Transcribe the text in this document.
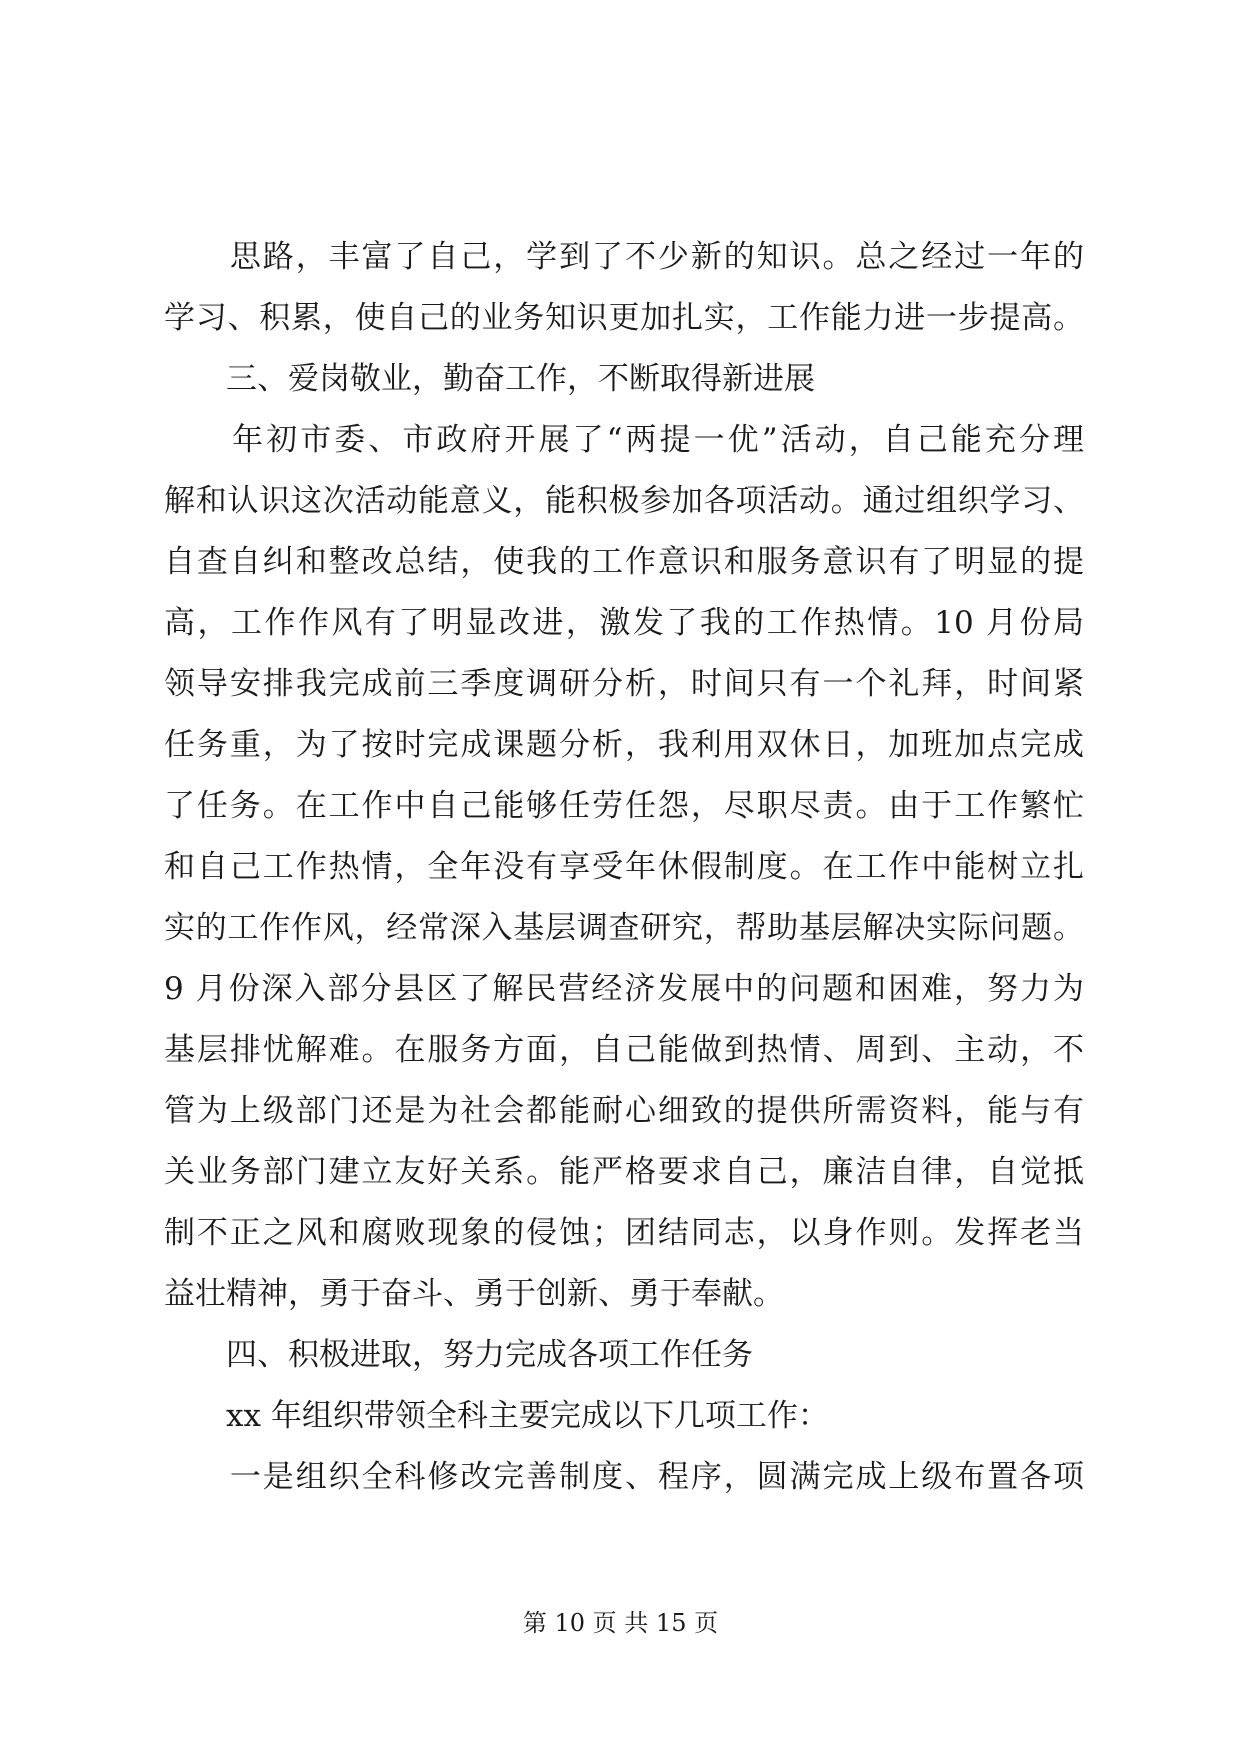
　　思路，丰富了自己，学到了不少新的知识。总之经过一年的
学习、积累，使自己的业务知识更加扎实，工作能力进一步提高。
　　三、爱岗敬业，勤奋工作，不断取得新进展
　　年初市委、市政府开展了“两提一优”活动，自己能充分理
解和认识这次活动能意义，能积极参加各项活动。通过组织学习、
自查自纠和整改总结，使我的工作意识和服务意识有了明显的提
高，工作作风有了明显改进，激发了我的工作热情。10 月份局
领导安排我完成前三季度调研分析，时间只有一个礼拜，时间紧
任务重，为了按时完成课题分析，我利用双休日，加班加点完成
了任务。在工作中自己能够任劳任怨，尽职尽责。由于工作繁忙
和自己工作热情，全年没有享受年休假制度。在工作中能树立扎
实的工作作风，经常深入基层调查研究，帮助基层解决实际问题。
9 月份深入部分县区了解民营经济发展中的问题和困难，努力为
基层排忧解难。在服务方面，自己能做到热情、周到、主动，不
管为上级部门还是为社会都能耐心细致的提供所需资料，能与有
关业务部门建立友好关系。能严格要求自己，廉洁自律，自觉抵
制不正之风和腐败现象的侵蚀；团结同志，以身作则。发挥老当
益壮精神，勇于奋斗、勇于创新、勇于奉献。
　　四、积极进取，努力完成各项工作任务
　　xx 年组织带领全科主要完成以下几项工作：
　　一是组织全科修改完善制度、程序，圆满完成上级布置各项
第 10 页 共 15 页
